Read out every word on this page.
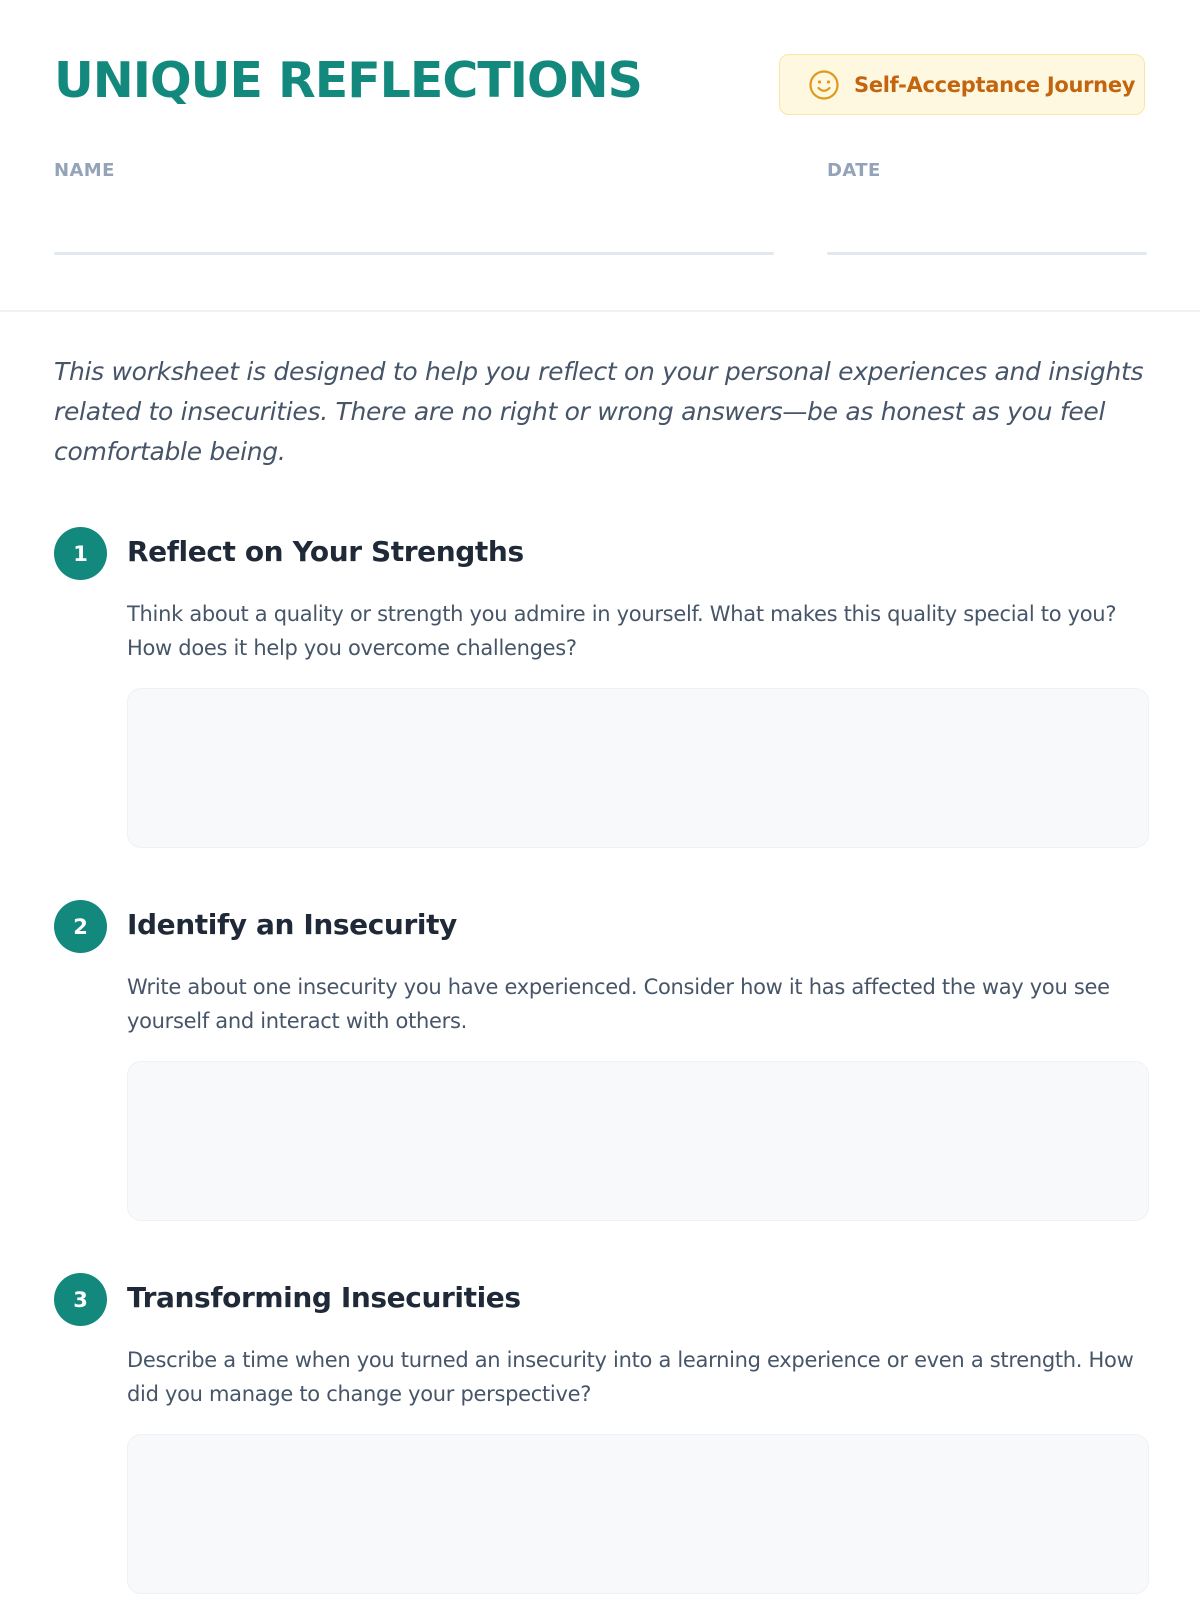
UNIQUE REFLECTIONS	Self-Acceptance Journey
NAME	DATE

This worksheet is designed to help you reflect on your personal experiences and insights related to insecurities. There are no right or wrong answers—be as honest as you feel comfortable being.

1	Reflect on Your Strengths

Think about a quality or strength you admire in yourself. What makes this quality special to you? How does it help you overcome challenges?

2	Identify an Insecurity

Write about one insecurity you have experienced. Consider how it has affected the way you see yourself and interact with others.

3	Transforming Insecurities

Describe a time when you turned an insecurity into a learning experience or even a strength. How did you manage to change your perspective?
